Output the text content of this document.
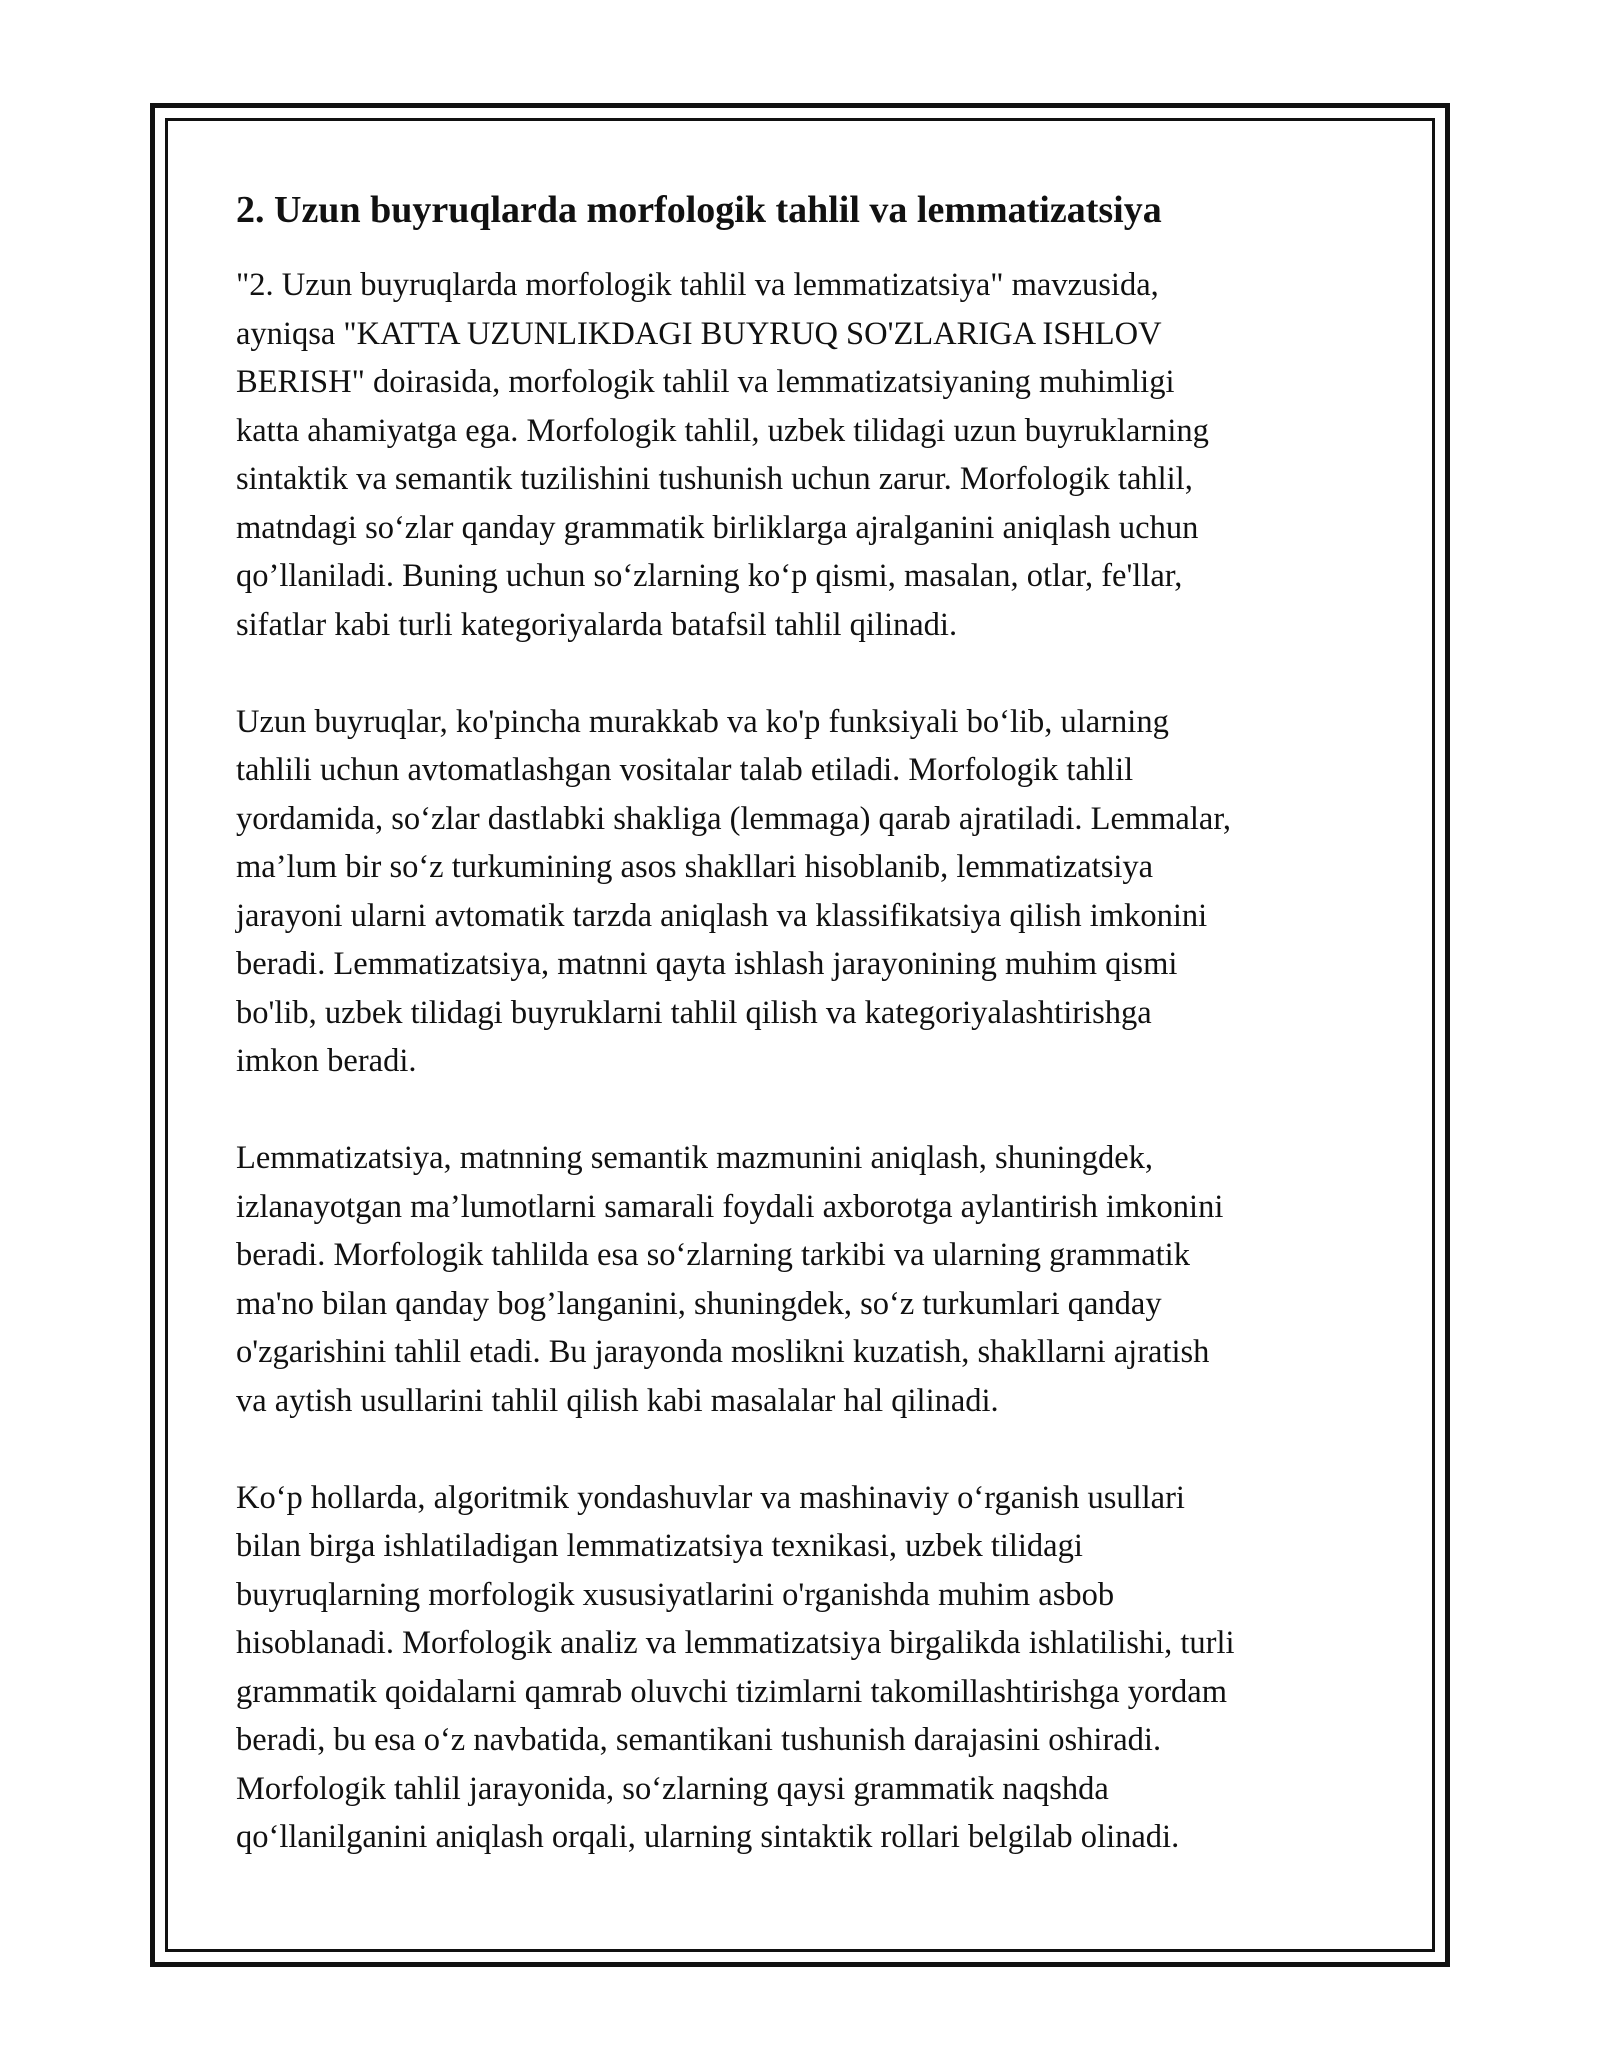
2. Uzun buyruqlarda morfologik tahlil va lemmatizatsiya
"2. Uzun buyruqlarda morfologik tahlil va lemmatizatsiya" mavzusida,
ayniqsa "KATTA UZUNLIKDAGI BUYRUQ SO'ZLARIGA ISHLOV
BERISH" doirasida, morfologik tahlil va lemmatizatsiyaning muhimligi
katta ahamiyatga ega. Morfologik tahlil, uzbek tilidagi uzun buyruklarning
sintaktik va semantik tuzilishini tushunish uchun zarur. Morfologik tahlil,
matndagi so‘zlar qanday grammatik birliklarga ajralganini aniqlash uchun
qo’llaniladi. Buning uchun so‘zlarning ko‘p qismi, masalan, otlar, fe'llar,
sifatlar kabi turli kategoriyalarda batafsil tahlil qilinadi.
Uzun buyruqlar, ko'pincha murakkab va ko'p funksiyali bo‘lib, ularning
tahlili uchun avtomatlashgan vositalar talab etiladi. Morfologik tahlil
yordamida, so‘zlar dastlabki shakliga (lemmaga) qarab ajratiladi. Lemmalar,
ma’lum bir so‘z turkumining asos shakllari hisoblanib, lemmatizatsiya
jarayoni ularni avtomatik tarzda aniqlash va klassifikatsiya qilish imkonini
beradi. Lemmatizatsiya, matnni qayta ishlash jarayonining muhim qismi
bo'lib, uzbek tilidagi buyruklarni tahlil qilish va kategoriyalashtirishga
imkon beradi.
Lemmatizatsiya, matnning semantik mazmunini aniqlash, shuningdek,
izlanayotgan ma’lumotlarni samarali foydali axborotga aylantirish imkonini
beradi. Morfologik tahlilda esa so‘zlarning tarkibi va ularning grammatik
ma'no bilan qanday bog’langanini, shuningdek, so‘z turkumlari qanday
o'zgarishini tahlil etadi. Bu jarayonda moslikni kuzatish, shakllarni ajratish
va aytish usullarini tahlil qilish kabi masalalar hal qilinadi.
Ko‘p hollarda, algoritmik yondashuvlar va mashinaviy o‘rganish usullari
bilan birga ishlatiladigan lemmatizatsiya texnikasi, uzbek tilidagi
buyruqlarning morfologik xususiyatlarini o'rganishda muhim asbob
hisoblanadi. Morfologik analiz va lemmatizatsiya birgalikda ishlatilishi, turli
grammatik qoidalarni qamrab oluvchi tizimlarni takomillashtirishga yordam
beradi, bu esa o‘z navbatida, semantikani tushunish darajasini oshiradi.
Morfologik tahlil jarayonida, so‘zlarning qaysi grammatik naqshda
qo‘llanilganini aniqlash orqali, ularning sintaktik rollari belgilab olinadi.
